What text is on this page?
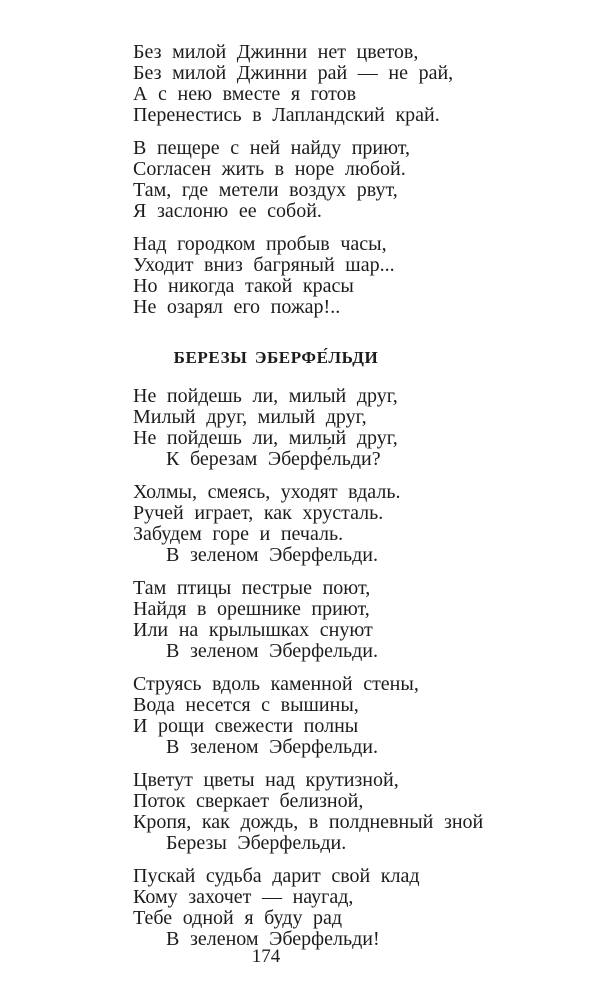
Без милой Джинни нет цветов,
Без милой Джинни рай — не рай,
А с нею вместе я готов
Перенестись в Лапландский край.
В пещере с ней найду приют,
Согласен жить в норе любой.
Там, где метели воздух рвут,
Я заслоню ее собой.
Над городком пробыв часы,
Уходит вниз багряный шар...
Но никогда такой красы
Не озарял его пожар!..
БЕРЕЗЫ ЭБЕРФЕ́ЛЬДИ
Не пойдешь ли, милый друг,
Милый друг, милый друг,
Не пойдешь ли, милый друг,
К березам Эберфе́льди?
Холмы, смеясь, уходят вдаль.
Ручей играет, как хрусталь.
Забудем горе и печаль.
В зеленом Эберфельди.
Там птицы пестрые поют,
Найдя в орешнике приют,
Или на крылышках снуют
В зеленом Эберфельди.
Струясь вдоль каменной стены,
Вода несется с вышины,
И рощи свежести полны
В зеленом Эберфельди.
Цветут цветы над крутизной,
Поток сверкает белизной,
Кропя, как дождь, в полдневный зной
Березы Эберфельди.
Пускай судьба дарит свой клад
Кому захочет — наугад,
Тебе одной я буду рад
В зеленом Эберфельди!
174
